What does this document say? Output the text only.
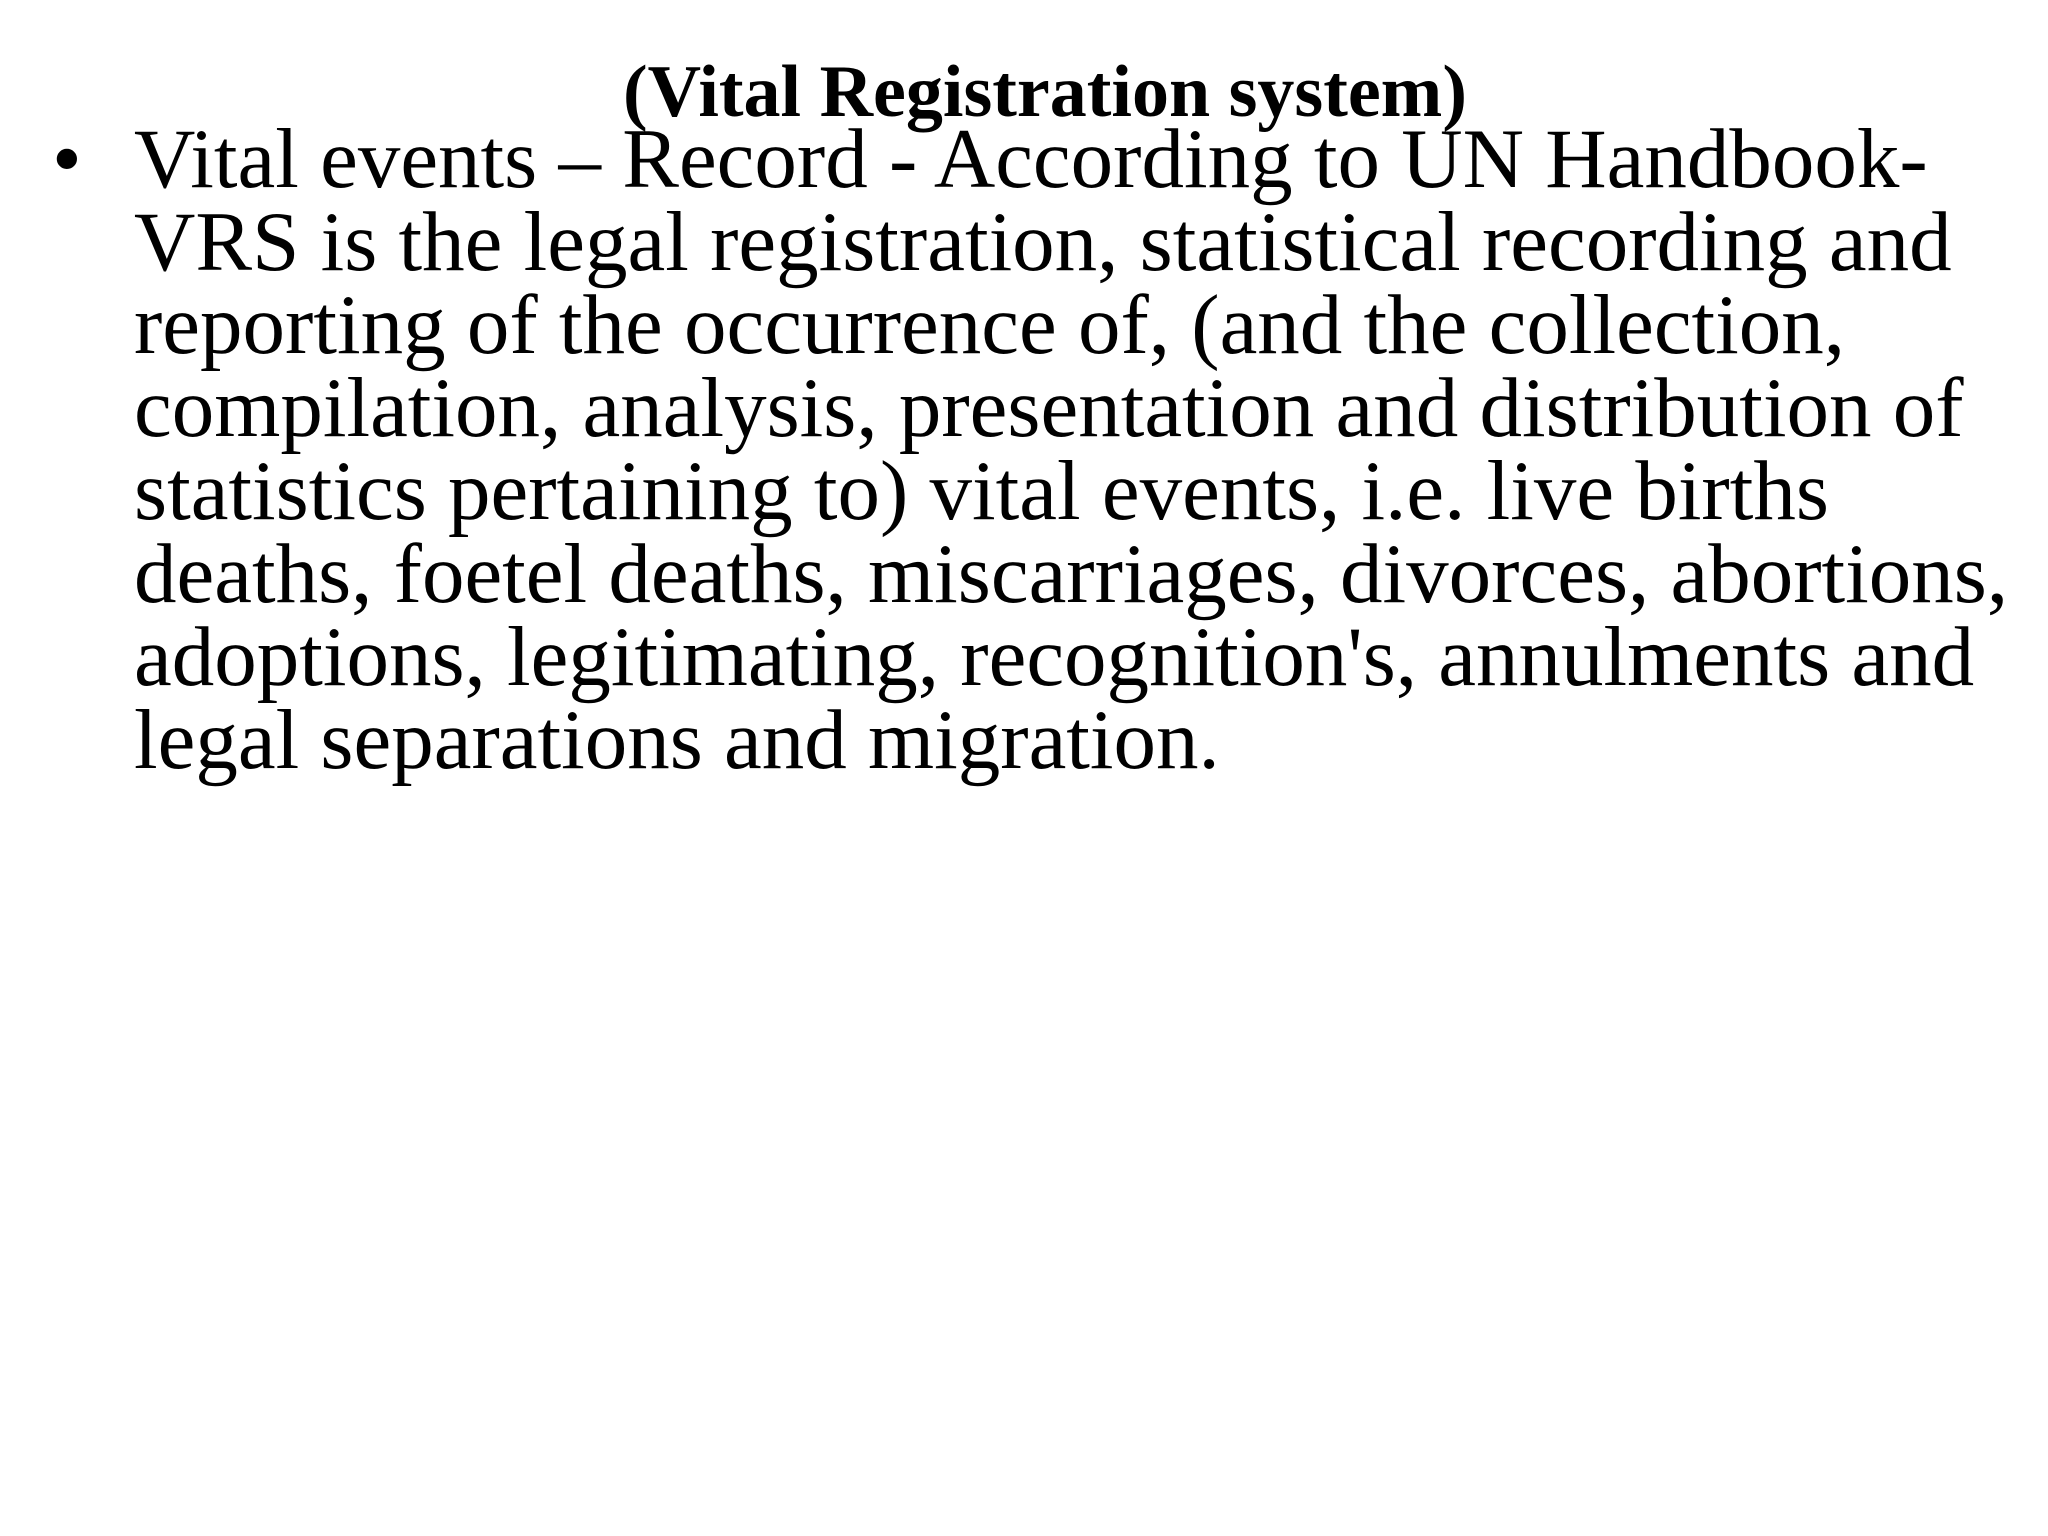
(Vital Registration system)
• Vital events – Record - According to UN Handbook-
VRS is the legal registration, statistical recording and
reporting of the occurrence of, (and the collection,
compilation, analysis, presentation and distribution of
statistics pertaining to) vital events, i.e. live births
deaths, foetel deaths, miscarriages, divorces, abortions,
adoptions, legitimating, recognition's, annulments and
legal separations and migration.
